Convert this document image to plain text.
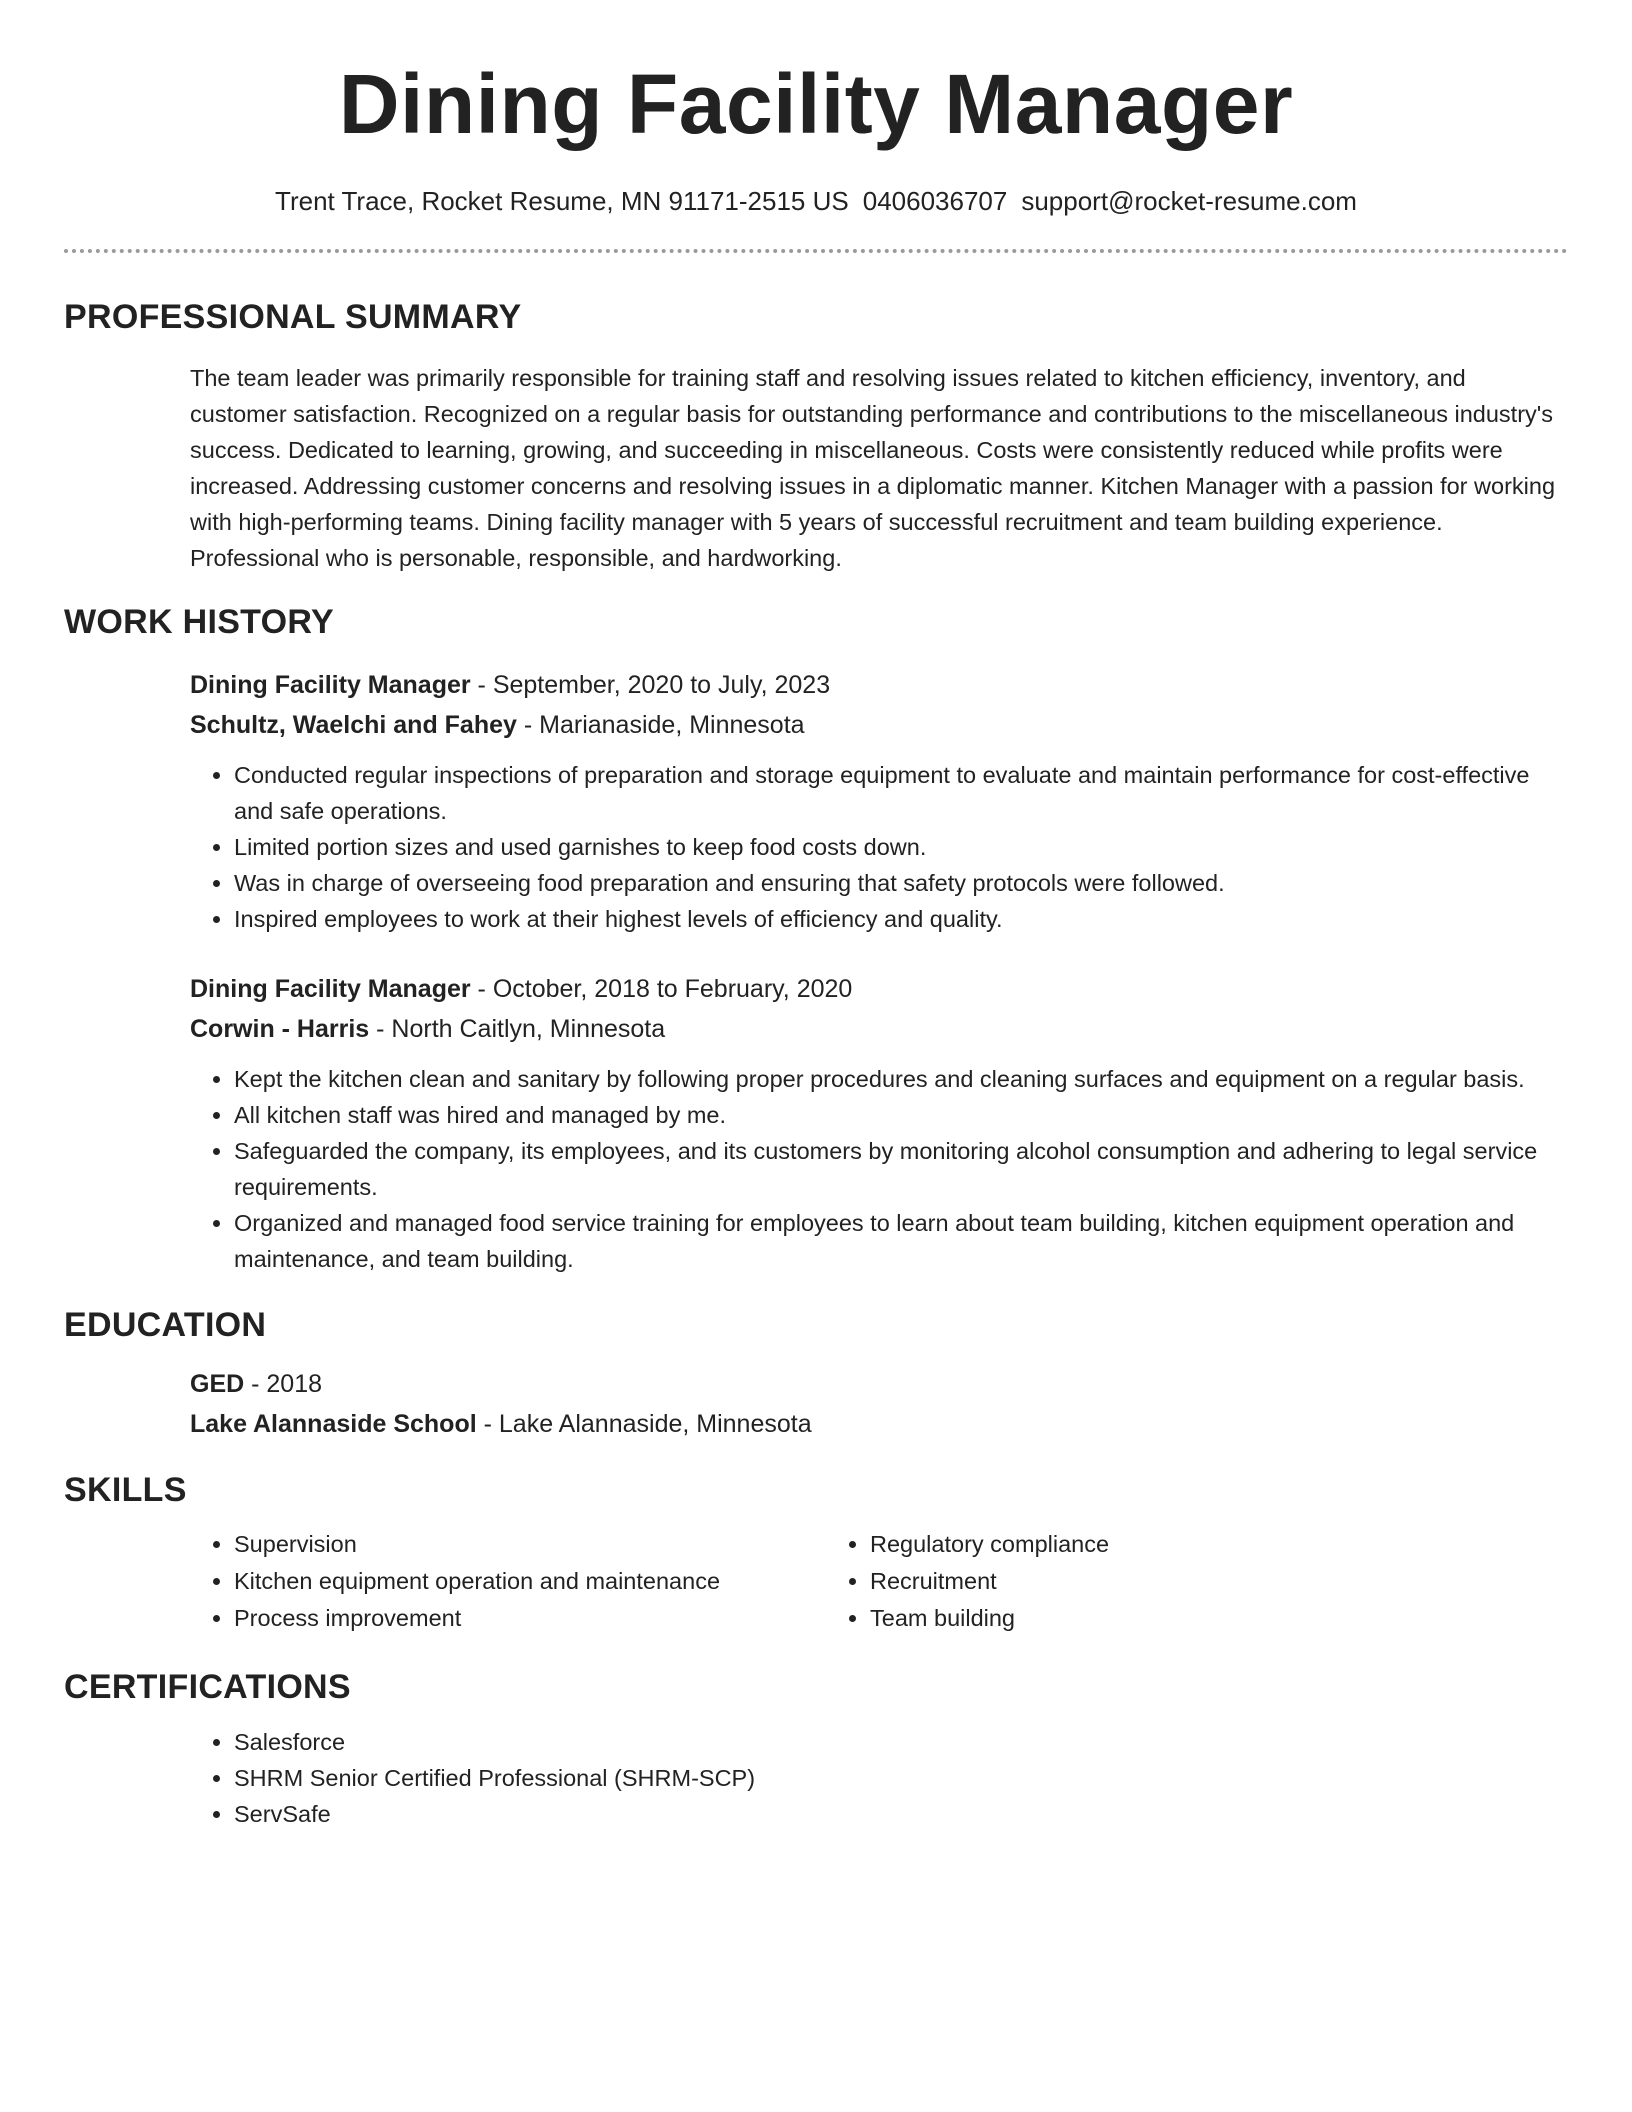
Dining Facility Manager
Trent Trace, Rocket Resume, MN 91171-2515 US 0406036707 support@rocket-resume.com
PROFESSIONAL SUMMARY

The team leader was primarily responsible for training staff and resolving issues related to kitchen efficiency, inventory, and customer satisfaction. Recognized on a regular basis for outstanding performance and contributions to the miscellaneous industry's success. Dedicated to learning, growing, and succeeding in miscellaneous. Costs were consistently reduced while profits were increased. Addressing customer concerns and resolving issues in a diplomatic manner. Kitchen Manager with a passion for working with high-performing teams. Dining facility manager with 5 years of successful recruitment and team building experience. Professional who is personable, responsible, and hardworking.

WORK HISTORY
Dining Facility Manager - September, 2020 to July, 2023
Schultz, Waelchi and Fahey - Marianaside, Minnesota
• Conducted regular inspections of preparation and storage equipment to evaluate and maintain performance for cost-effective and safe operations.
• Limited portion sizes and used garnishes to keep food costs down.
• Was in charge of overseeing food preparation and ensuring that safety protocols were followed.
• Inspired employees to work at their highest levels of efficiency and quality.
Dining Facility Manager - October, 2018 to February, 2020
Corwin - Harris - North Caitlyn, Minnesota
• Kept the kitchen clean and sanitary by following proper procedures and cleaning surfaces and equipment on a regular basis.
• All kitchen staff was hired and managed by me.
• Safeguarded the company, its employees, and its customers by monitoring alcohol consumption and adhering to legal service requirements.
• Organized and managed food service training for employees to learn about team building, kitchen equipment operation and maintenance, and team building.
EDUCATION
GED - 2018
Lake Alannaside School - Lake Alannaside, Minnesota
SKILLS
• Supervision
• Kitchen equipment operation and maintenance
• Process improvement
• Regulatory compliance
• Recruitment
• Team building
CERTIFICATIONS
• Salesforce
• SHRM Senior Certified Professional (SHRM-SCP)
• ServSafe
